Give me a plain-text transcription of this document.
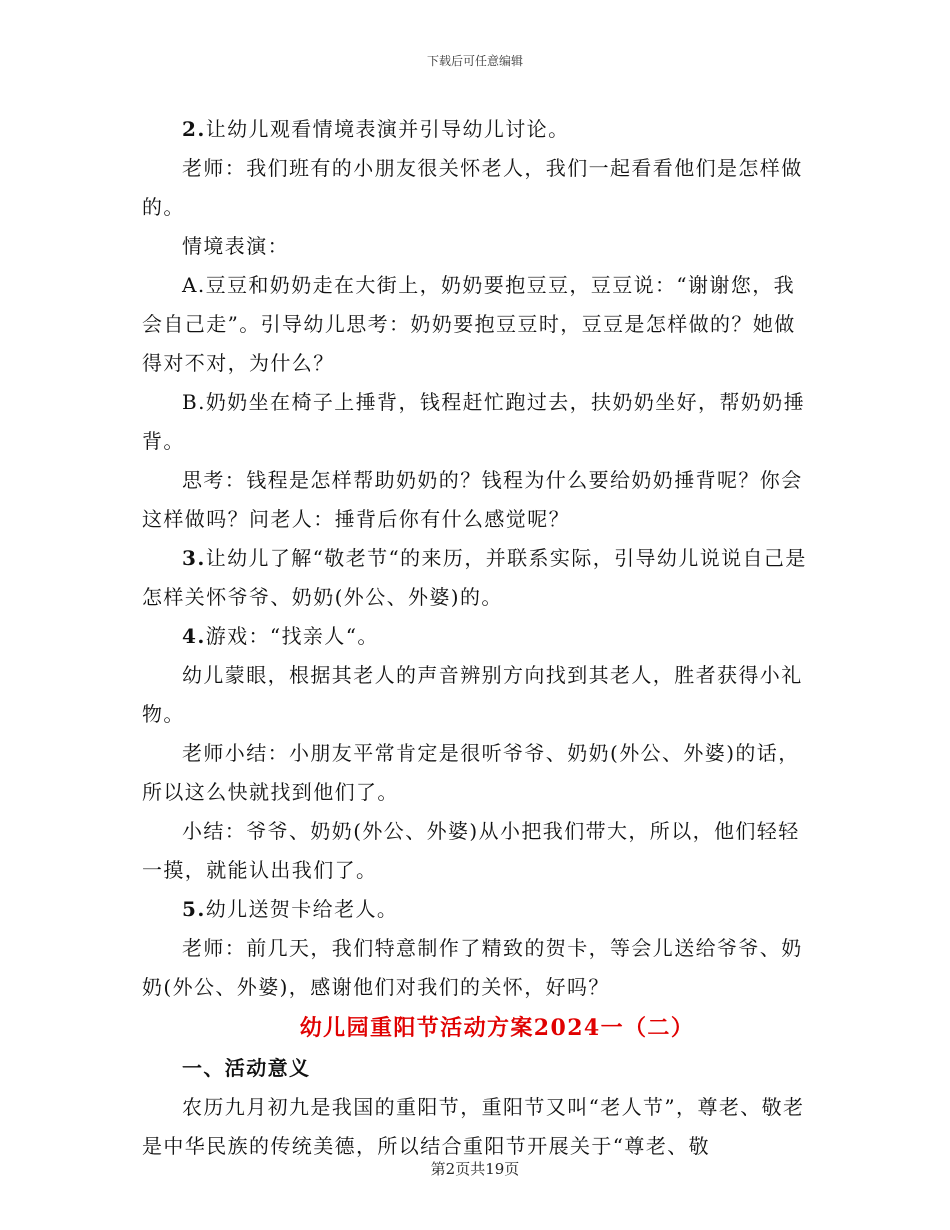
下载后可任意编辑

2.让幼儿观看情境表演并引导幼儿讨论。

老师：我们班有的小朋友很关怀老人，我们一起看看他们是怎样做的。

情境表演：

A.豆豆和奶奶走在大街上，奶奶要抱豆豆，豆豆说：“谢谢您，我会自己走”。引导幼儿思考：奶奶要抱豆豆时，豆豆是怎样做的？她做得对不对，为什么？

B.奶奶坐在椅子上捶背，钱程赶忙跑过去，扶奶奶坐好，帮奶奶捶背。

思考：钱程是怎样帮助奶奶的？钱程为什么要给奶奶捶背呢？你会这样做吗？问老人：捶背后你有什么感觉呢？

3.让幼儿了解“敬老节“的来历，并联系实际，引导幼儿说说自己是怎样关怀爷爷、奶奶(外公、外婆)的。

4.游戏：“找亲人“。

幼儿蒙眼，根据其老人的声音辨别方向找到其老人，胜者获得小礼物。

老师小结：小朋友平常肯定是很听爷爷、奶奶(外公、外婆)的话，所以这么快就找到他们了。

小结：爷爷、奶奶(外公、外婆)从小把我们带大，所以，他们轻轻一摸，就能认出我们了。

5.幼儿送贺卡给老人。

老师：前几天，我们特意制作了精致的贺卡，等会儿送给爷爷、奶奶(外公、外婆)，感谢他们对我们的关怀，好吗？

幼儿园重阳节活动方案2024一（二）

一、活动意义

农历九月初九是我国的重阳节，重阳节又叫“老人节”，尊老、敬老是中华民族的传统美德，所以结合重阳节开展关于“尊老、敬

第2页共19页
